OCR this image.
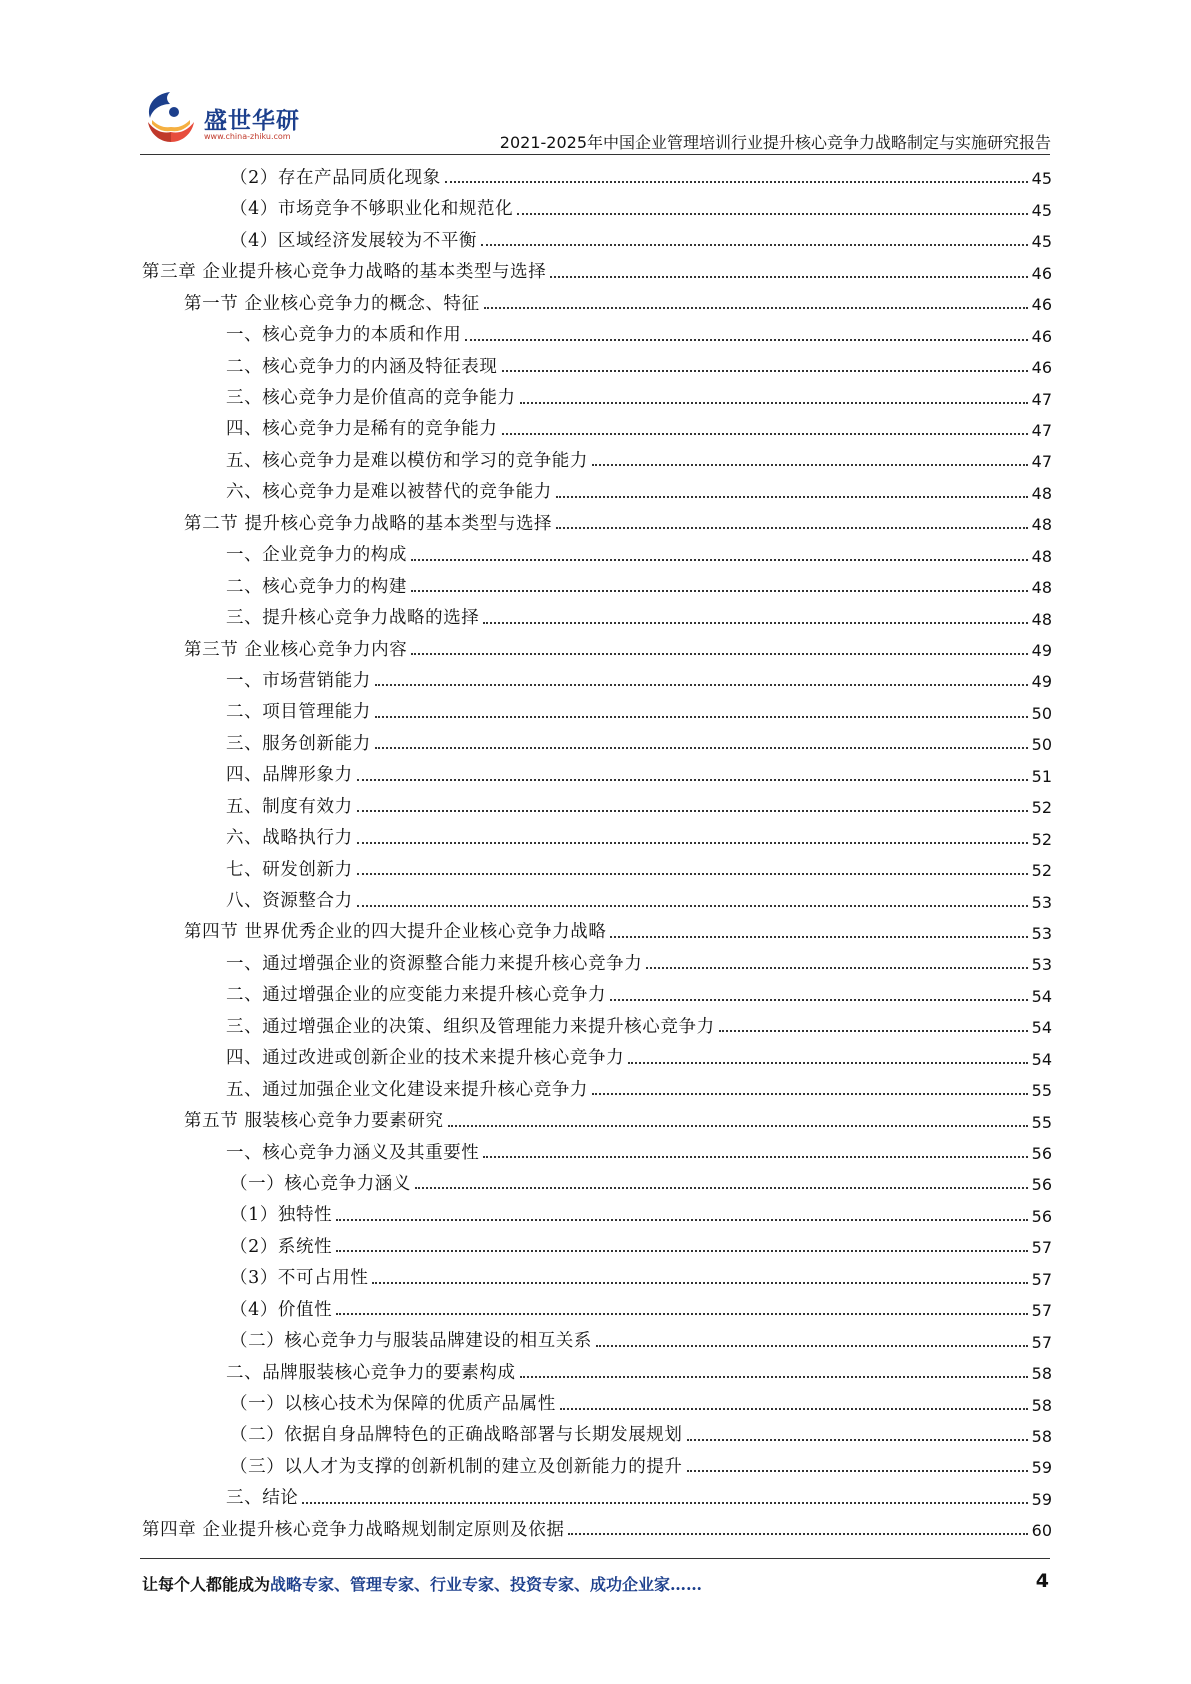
盛世华研
www.china-zhiku.com	2021-2025年中国企业管理培训行业提升核心竞争力战略制定与实施研究报告
（2）存在产品同质化现象	45
（4）市场竞争不够职业化和规范化	45
（4）区域经济发展较为不平衡	45
第三章 企业提升核心竞争力战略的基本类型与选择	46
第一节 企业核心竞争力的概念、特征	46
一、核心竞争力的本质和作用	46
二、核心竞争力的内涵及特征表现	46
三、核心竞争力是价值高的竞争能力	47
四、核心竞争力是稀有的竞争能力	47
五、核心竞争力是难以模仿和学习的竞争能力	47
六、核心竞争力是难以被替代的竞争能力	48
第二节 提升核心竞争力战略的基本类型与选择	48
一、企业竞争力的构成	48
二、核心竞争力的构建	48
三、提升核心竞争力战略的选择	48
第三节 企业核心竞争力内容	49
一、市场营销能力	49
二、项目管理能力	50
三、服务创新能力	50
四、品牌形象力	51
五、制度有效力	52
六、战略执行力	52
七、研发创新力	52
八、资源整合力	53
第四节 世界优秀企业的四大提升企业核心竞争力战略	53
一、通过增强企业的资源整合能力来提升核心竞争力	53
二、通过增强企业的应变能力来提升核心竞争力	54
三、通过增强企业的决策、组织及管理能力来提升核心竞争力	54
四、通过改进或创新企业的技术来提升核心竞争力	54
五、通过加强企业文化建设来提升核心竞争力	55
第五节 服装核心竞争力要素研究	55
一、核心竞争力涵义及其重要性	56
（一）核心竞争力涵义	56
（1）独特性	56
（2）系统性	57
（3）不可占用性	57
（4）价值性	57
（二）核心竞争力与服装品牌建设的相互关系	57
二、品牌服装核心竞争力的要素构成	58
（一）以核心技术为保障的优质产品属性	58
（二）依据自身品牌特色的正确战略部署与长期发展规划	58
（三）以人才为支撑的创新机制的建立及创新能力的提升	59
三、结论	59
第四章 企业提升核心竞争力战略规划制定原则及依据	60
让每个人都能成为战略专家、管理专家、行业专家、投资专家、成功企业家……	4
